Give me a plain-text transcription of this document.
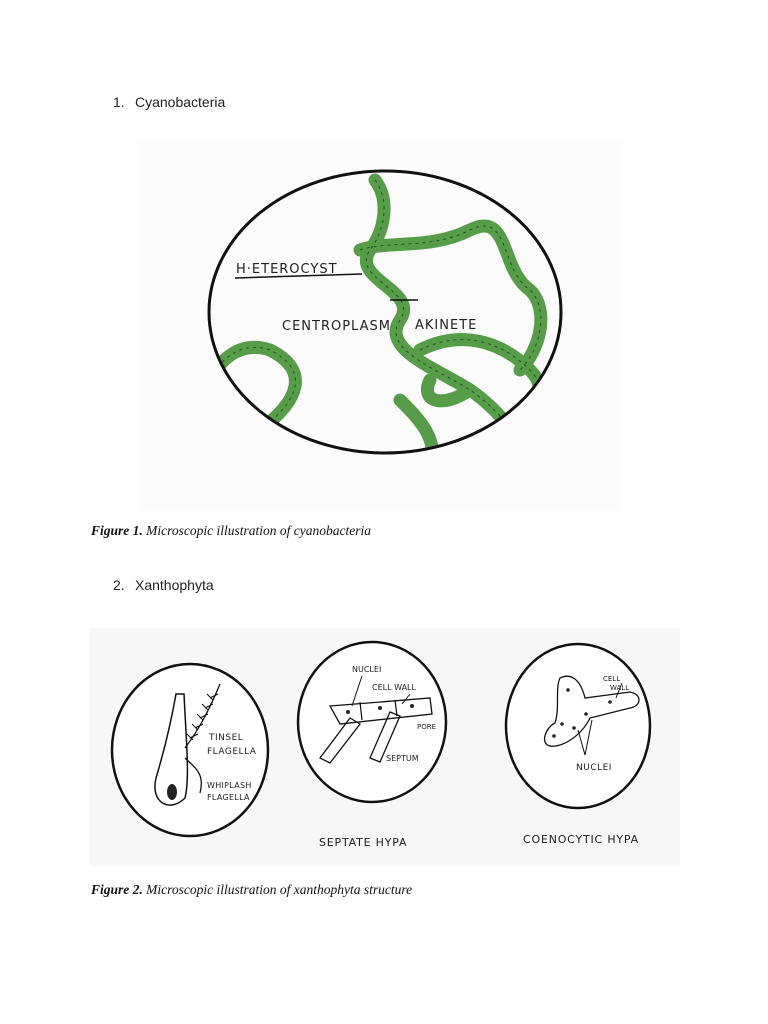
1. Cyanobacteria
H·ETEROCYST
CENTROPLASM AKINETE
Figure 1. Microscopic illustration of cyanobacteria
2. Xanthophyta
TINSEL
FLAGELLA
WHIPLASH
FLAGELLA
NUCLEI
CELL WALL
PORE
SEPTUM
SEPTATE HYPA
CELL
WALL
NUCLEI
COENOCYTIC HYPA
Figure 2. Microscopic illustration of xanthophyta structure
